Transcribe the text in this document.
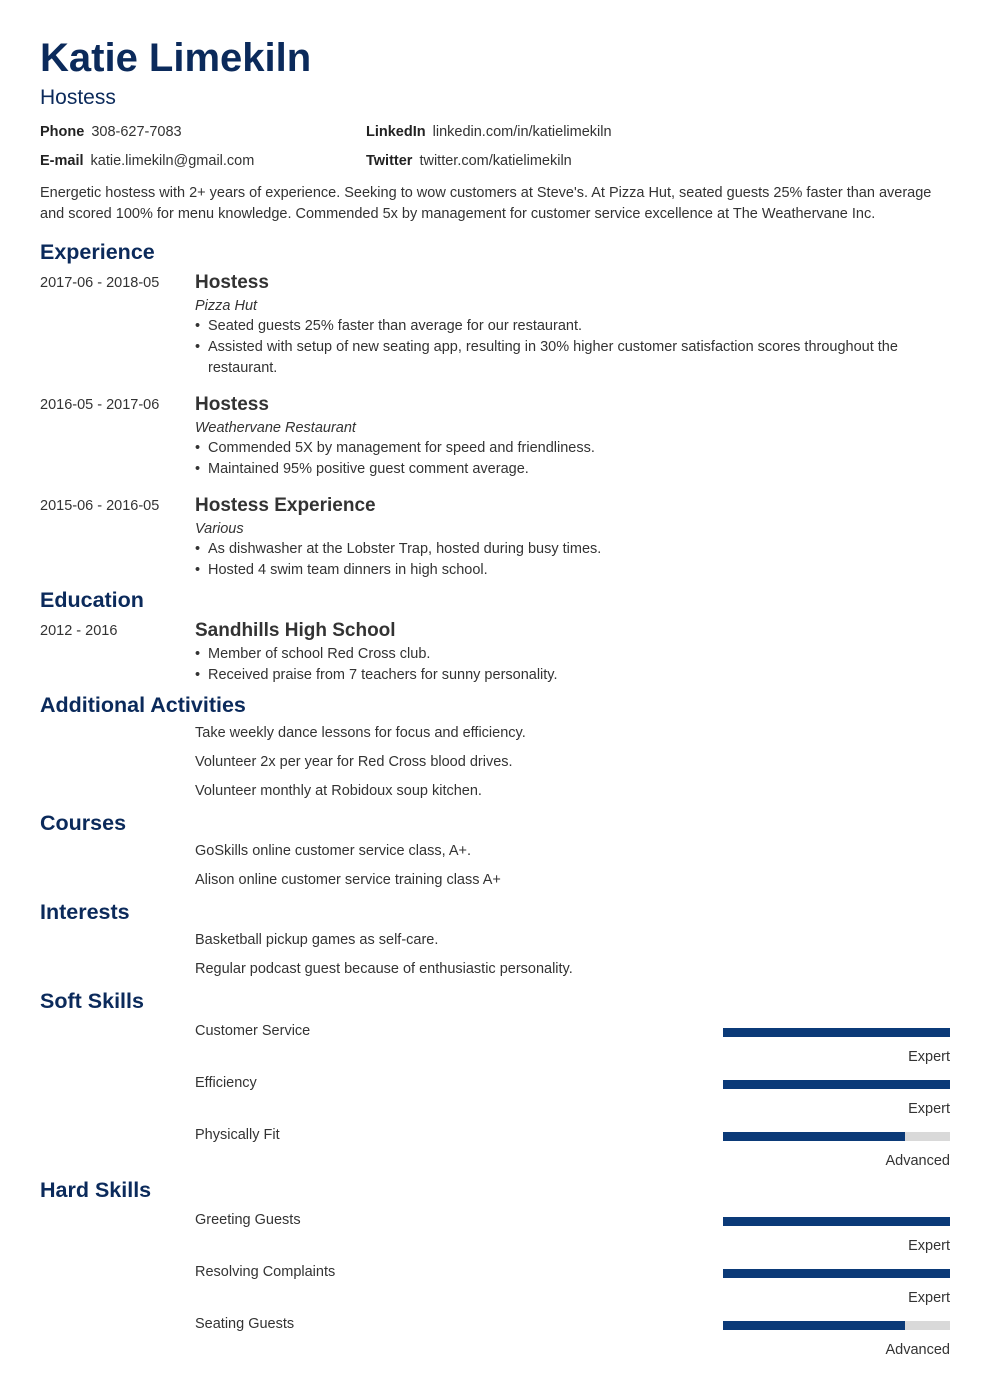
Katie Limekiln
Hostess
Phone 308-627-7083	LinkedIn linkedin.com/in/katielimekiln
E-mail katie.limekiln@gmail.com	Twitter twitter.com/katielimekiln
Energetic hostess with 2+ years of experience. Seeking to wow customers at Steve's. At Pizza Hut, seated guests 25% faster than average and scored 100% for menu knowledge. Commended 5x by management for customer service excellence at The Weathervane Inc.
Experience
2017-06 - 2018-05	Hostess
Pizza Hut
• Seated guests 25% faster than average for our restaurant.
• Assisted with setup of new seating app, resulting in 30% higher customer satisfaction scores throughout the restaurant.
2016-05 - 2017-06	Hostess
Weathervane Restaurant
• Commended 5X by management for speed and friendliness.
• Maintained 95% positive guest comment average.
2015-06 - 2016-05	Hostess Experience
Various
• As dishwasher at the Lobster Trap, hosted during busy times.
• Hosted 4 swim team dinners in high school.
Education
2012 - 2016	Sandhills High School
• Member of school Red Cross club.
• Received praise from 7 teachers for sunny personality.
Additional Activities
Take weekly dance lessons for focus and efficiency.
Volunteer 2x per year for Red Cross blood drives.
Volunteer monthly at Robidoux soup kitchen.
Courses
GoSkills online customer service class, A+.
Alison online customer service training class A+
Interests
Basketball pickup games as self-care.
Regular podcast guest because of enthusiastic personality.
Soft Skills
Customer Service
Expert
Efficiency
Expert
Physically Fit
Advanced
Hard Skills
Greeting Guests
Expert
Resolving Complaints
Expert
Seating Guests
Advanced
